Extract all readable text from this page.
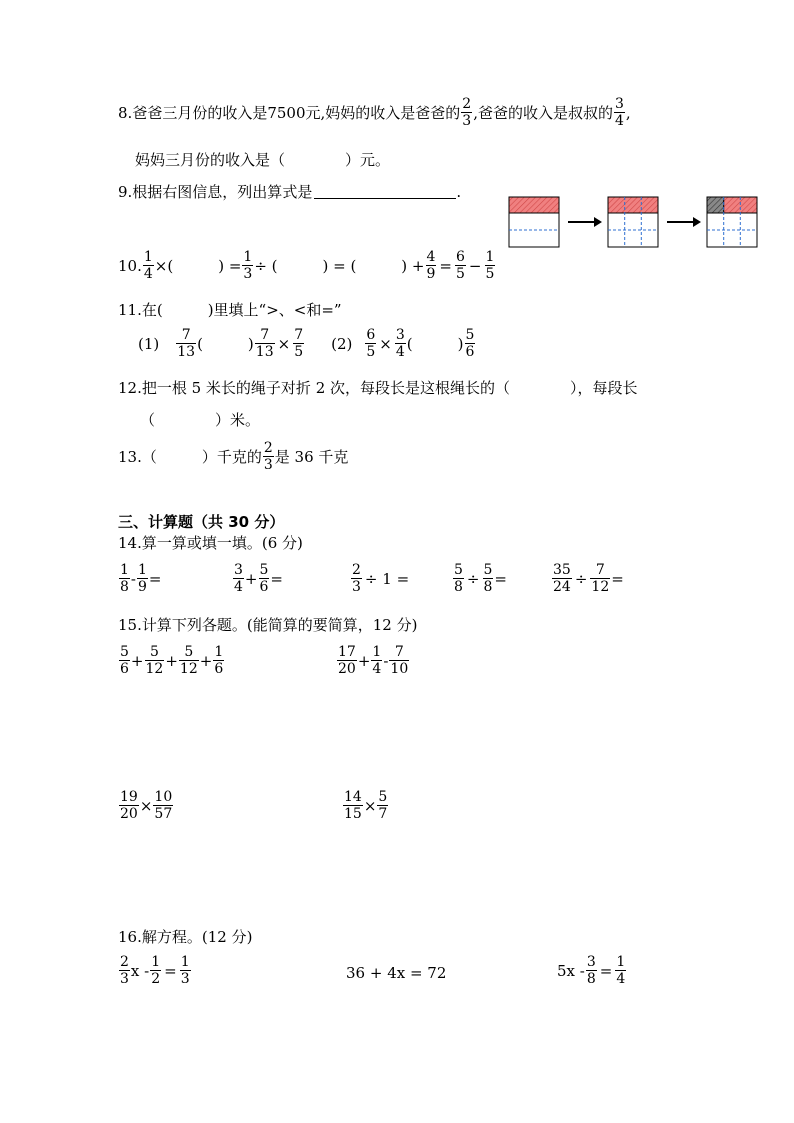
8. 爸爸三月份的收入是7500元,妈妈的收入是爸爸的
2
3 ,爸爸的收入是叔叔的
3
4 ,
妈妈三月份的收入是（　　　　）元。
9.根据右图信息，列出算式是	.
10. $\frac{1}{4}$ ×(　　　) = $\frac{1}{3}$ ÷ (　　　) = (　　　) + $\frac{4}{9} = \frac{6}{5} - \frac{1}{5}$
11.在(　　　)里填上“>、<和=”
(1) 7
13 (　　　) $\frac{7}{13} \times \frac{7}{5} (2) \frac{6}{5} \times \frac{3}{4}$ (　　　)
5
6
12.把一根 5 米长的绳子对折 2 次，每段长是这根绳长的（　　　　），每段长
（　　　　）米。
13.（　　　）千克的
2
3 是 36 千克
三、计算题（共 30 分）
14.算一算或填一填。(6 分)
1
$8 - \frac{1}{9}$ =	3
$4 + \frac{5}{6}$ =	$\frac{2}{3} \div 1$ =	$\frac{5}{8} \div \frac{5}{8}$ =	$\frac{35}{24} \div \frac{7}{12}$ =
15.计算下列各题。(能简算的要简算，12 分)
5
$6 + \frac{5}{12} + \frac{5}{12} + \frac{1}{6}$	17
$20 + \frac{1}{4} - 7$
10
$\frac{19}{20} \times \frac{10}{57}$	$\frac{14}{15} \times \frac{5}{7}$
16.解方程。(12 分)
2
3 $x - \frac{1}{2} = \frac{1}{3}$	36 + 4x = 72	$5x - \frac{3}{8} = \frac{1}{4}$
